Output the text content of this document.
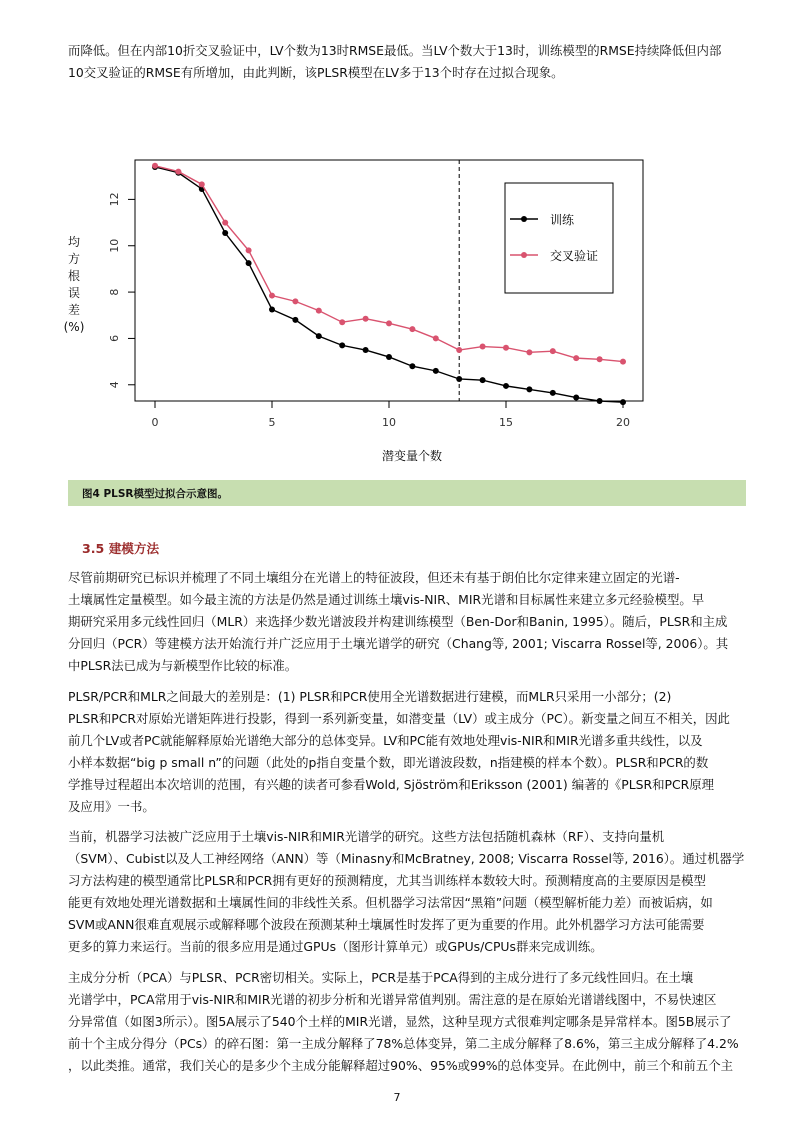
而降低。但在内部10折交叉验证中，LV个数为13时RMSE最低。当LV个数大于13时，训练模型的RMSE持续降低但内部
10交叉验证的RMSE有所增加，由此判断，该PLSR模型在LV多于13个时存在过拟合现象。
均
方
根
误
差
(%)
0	5	10	15	20
4
6
8
10
12
潜变量个数
训练
交叉验证
图4 PLSR模型过拟合示意图。
3.5 建模方法
尽管前期研究已标识并梳理了不同土壤组分在光谱上的特征波段，但还未有基于朗伯比尔定律来建立固定的光谱-
土壤属性定量模型。如今最主流的方法是仍然是通过训练土壤vis-NIR、MIR光谱和目标属性来建立多元经验模型。早
期研究采用多元线性回归（MLR）来选择少数光谱波段并构建训练模型（Ben-Dor和Banin, 1995）。随后，PLSR和主成
分回归（PCR）等建模方法开始流行并广泛应用于土壤光谱学的研究（Chang等, 2001; Viscarra Rossel等, 2006）。其
中PLSR法已成为与新模型作比较的标准。
PLSR/PCR和MLR之间最大的差别是：(1) PLSR和PCR使用全光谱数据进行建模，而MLR只采用一小部分；(2)
PLSR和PCR对原始光谱矩阵进行投影，得到一系列新变量，如潜变量（LV）或主成分（PC）。新变量之间互不相关，因此
前几个LV或者PC就能解释原始光谱绝大部分的总体变异。LV和PC能有效地处理vis-NIR和MIR光谱多重共线性，以及
小样本数据“big p small n”的问题（此处的p指自变量个数，即光谱波段数，n指建模的样本个数）。PLSR和PCR的数
学推导过程超出本次培训的范围，有兴趣的读者可参看Wold, Sjöström和Eriksson (2001) 编著的《PLSR和PCR原理
及应用》一书。
当前，机器学习法被广泛应用于土壤vis-NIR和MIR光谱学的研究。这些方法包括随机森林（RF）、支持向量机
（SVM）、Cubist以及人工神经网络（ANN）等（Minasny和McBratney, 2008; Viscarra Rossel等, 2016）。通过机器学
习方法构建的模型通常比PLSR和PCR拥有更好的预测精度，尤其当训练样本数较大时。预测精度高的主要原因是模型
能更有效地处理光谱数据和土壤属性间的非线性关系。但机器学习法常因“黑箱”问题（模型解析能力差）而被诟病，如
SVM或ANN很难直观展示或解释哪个波段在预测某种土壤属性时发挥了更为重要的作用。此外机器学习方法可能需要
更多的算力来运行。当前的很多应用是通过GPUs（图形计算单元）或GPUs/CPUs群来完成训练。
主成分分析（PCA）与PLSR、PCR密切相关。实际上，PCR是基于PCA得到的主成分进行了多元线性回归。在土壤
光谱学中，PCA常用于vis-NIR和MIR光谱的初步分析和光谱异常值判别。需注意的是在原始光谱谱线图中，不易快速区
分异常值（如图3所示）。图5A展示了540个土样的MIR光谱，显然，这种呈现方式很难判定哪条是异常样本。图5B展示了
前十个主成分得分（PCs）的碎石图：第一主成分解释了78%总体变异，第二主成分解释了8.6%，第三主成分解释了4.2%
，以此类推。通常，我们关心的是多少个主成分能解释超过90%、95%或99%的总体变异。在此例中，前三个和前五个主
7
